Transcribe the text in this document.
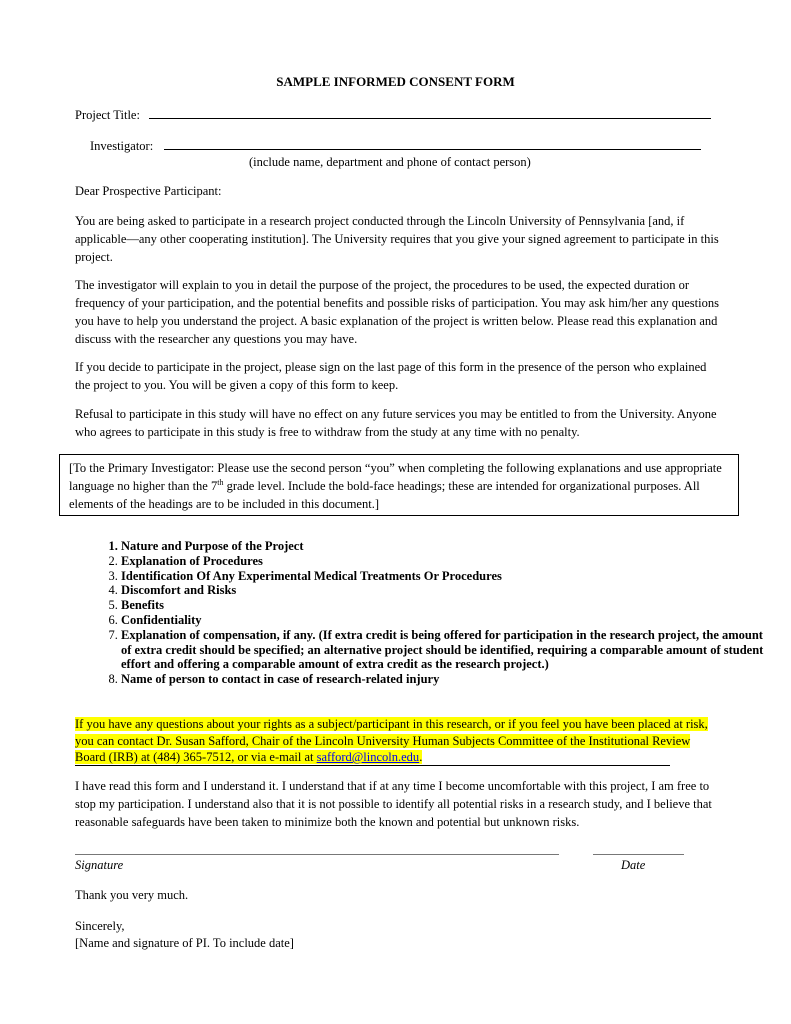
SAMPLE INFORMED CONSENT FORM
Project Title:
Investigator:
(include name, department and phone of contact person)
Dear Prospective Participant:

You are being asked to participate in a research project conducted through the Lincoln University of Pennsylvania [and, if applicable—any other cooperating institution]. The University requires that you give your signed agreement to participate in this project.

The investigator will explain to you in detail the purpose of the project, the procedures to be used, the expected duration or frequency of your participation, and the potential benefits and possible risks of participation. You may ask him/her any questions you have to help you understand the project. A basic explanation of the project is written below. Please read this explanation and discuss with the researcher any questions you may have.

If you decide to participate in the project, please sign on the last page of this form in the presence of the person who explained the project to you. You will be given a copy of this form to keep.

Refusal to participate in this study will have no effect on any future services you may be entitled to from the University. Anyone who agrees to participate in this study is free to withdraw from the study at any time with no penalty.

[To the Primary Investigator: Please use the second person “you” when completing the following explanations and use appropriate language no higher than the 7th grade level. Include the bold-face headings; these are intended for organizational purposes. All elements of the headings are to be included in this document.]
1. Nature and Purpose of the Project
2. Explanation of Procedures
3. Identification Of Any Experimental Medical Treatments Or Procedures
4. Discomfort and Risks
5. Benefits
6. Confidentiality
7. Explanation of compensation, if any. (If extra credit is being offered for participation in the research project, the amount of extra credit should be specified; an alternative project should be identified, requiring a comparable amount of student effort and offering a comparable amount of extra credit as the research project.)
8. Name of person to contact in case of research-related injury
If you have any questions about your rights as a subject/participant in this research, or if you feel you have been placed at risk, you can contact Dr. Susan Safford, Chair of the Lincoln University Human Subjects Committee of the Institutional Review Board (IRB) at (484) 365-7512, or via e-mail at safford@lincoln.edu.

I have read this form and I understand it. I understand that if at any time I become uncomfortable with this project, I am free to stop my participation. I understand also that it is not possible to identify all potential risks in a research study, and I believe that reasonable safeguards have been taken to minimize both the known and potential but unknown risks.

Signature	Date
Thank you very much.
Sincerely,
[Name and signature of PI. To include date]
